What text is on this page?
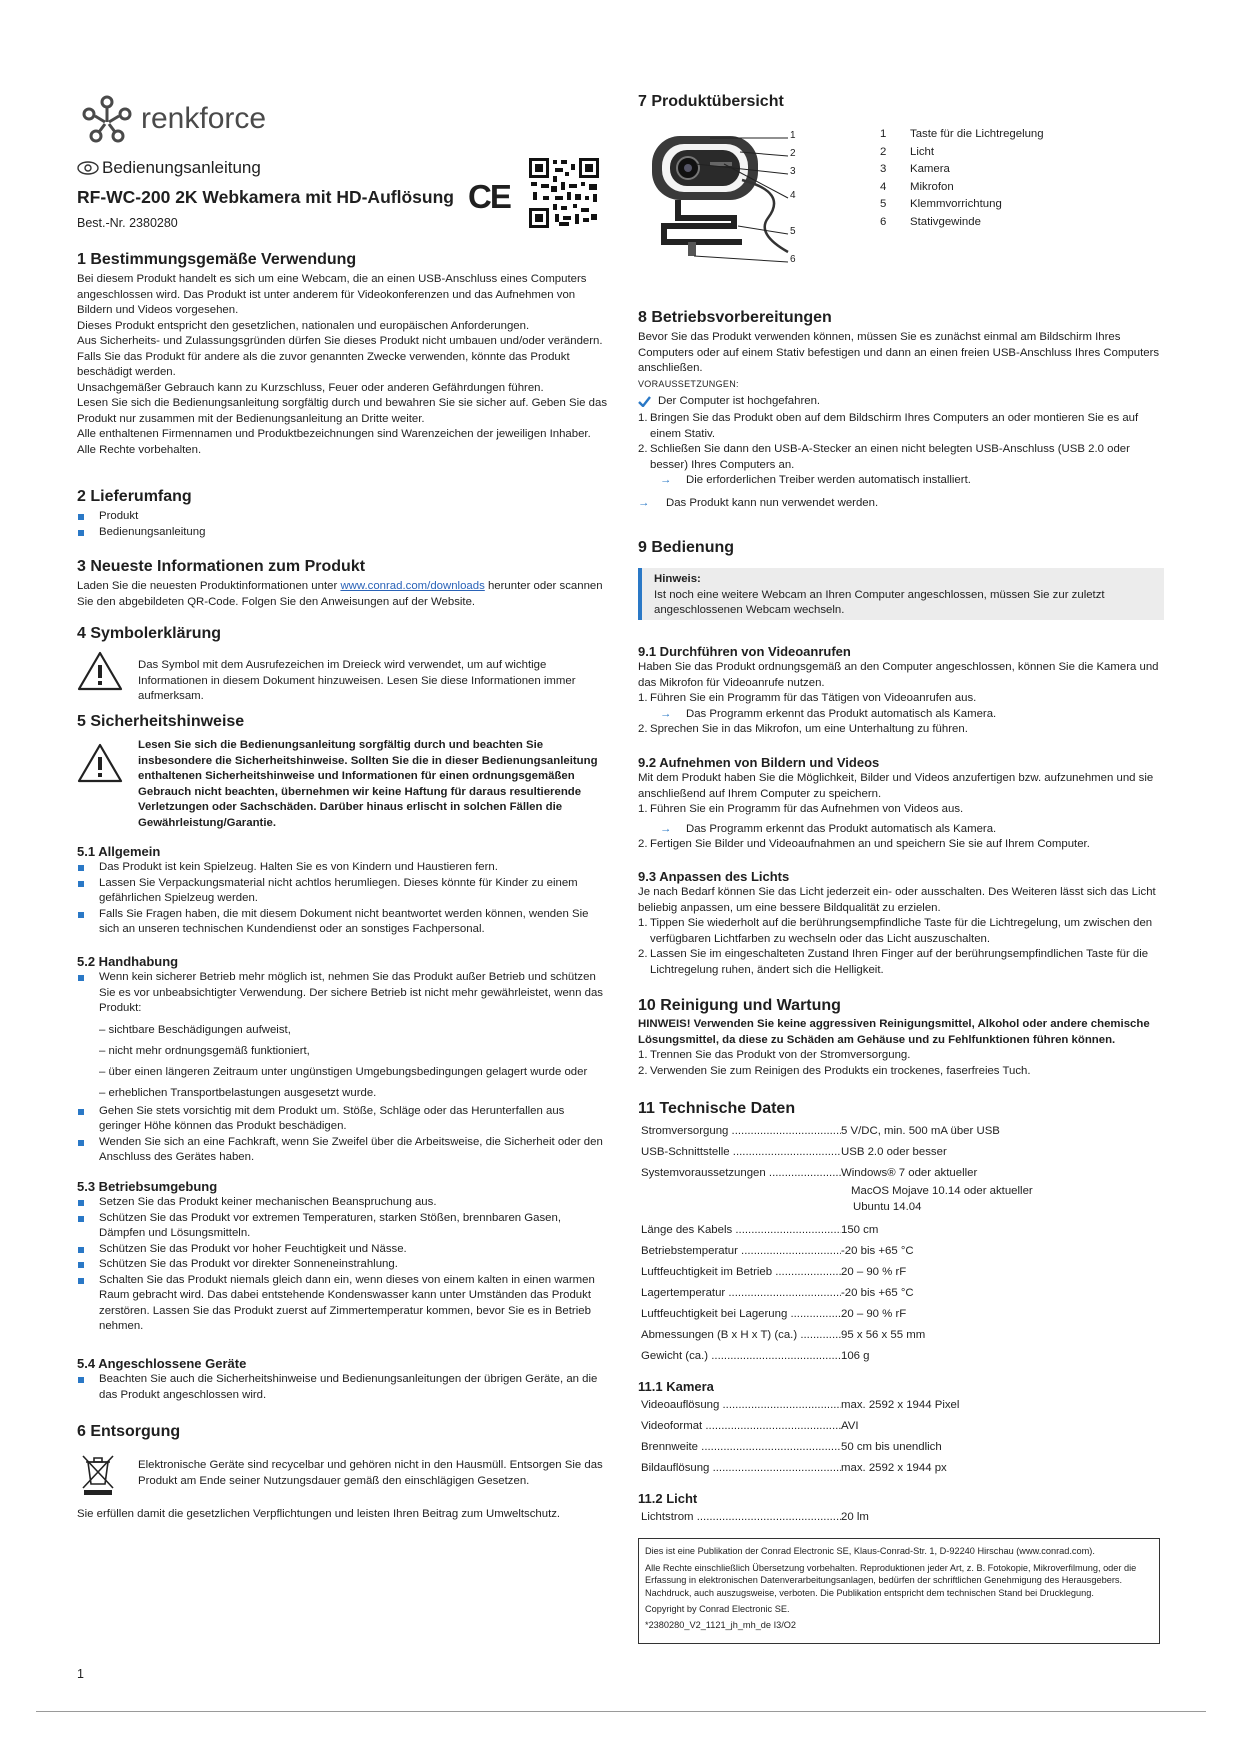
renkforce
Bedienungsanleitung
RF-WC-200 2K Webkamera mit HD-Auflösung
Best.-Nr. 2380280
CE
1 Bestimmungsgemäße Verwendung

Bei diesem Produkt handelt es sich um eine Webcam, die an einen USB-Anschluss eines Computers angeschlossen wird. Das Produkt ist unter anderem für Videokonferenzen und das Aufnehmen von Bildern und Videos vorgesehen.

Dieses Produkt entspricht den gesetzlichen, nationalen und europäischen Anforderungen.

Aus Sicherheits- und Zulassungsgründen dürfen Sie dieses Produkt nicht umbauen und/oder verändern. Falls Sie das Produkt für andere als die zuvor genannten Zwecke verwenden, könnte das Produkt beschädigt werden.

Unsachgemäßer Gebrauch kann zu Kurzschluss, Feuer oder anderen Gefährdungen führen.

Lesen Sie sich die Bedienungsanleitung sorgfältig durch und bewahren Sie sie sicher auf. Geben Sie das Produkt nur zusammen mit der Bedienungsanleitung an Dritte weiter.

Alle enthaltenen Firmennamen und Produktbezeichnungen sind Warenzeichen der jeweiligen Inhaber. Alle Rechte vorbehalten.

2 Lieferumfang
Produkt
Bedienungsanleitung
3 Neueste Informationen zum Produkt

Laden Sie die neuesten Produktinformationen unter www.conrad.com/downloads herunter oder scannen Sie den abgebildeten QR-Code. Folgen Sie den Anweisungen auf der Website.

4 Symbolerklärung

Das Symbol mit dem Ausrufezeichen im Dreieck wird verwendet, um auf wichtige Informationen in diesem Dokument hinzuweisen. Lesen Sie diese Informationen immer aufmerksam.

5 Sicherheitshinweise

Lesen Sie sich die Bedienungsanleitung sorgfältig durch und beachten Sie insbesondere die Sicherheitshinweise. Sollten Sie die in dieser Bedienungsanleitung enthaltenen Sicherheitshinweise und Informationen für einen ordnungsgemäßen Gebrauch nicht beachten, übernehmen wir keine Haftung für daraus resultierende Verletzungen oder Sachschäden. Darüber hinaus erlischt in solchen Fällen die Gewährleistung/Garantie.

5.1 Allgemein
Das Produkt ist kein Spielzeug. Halten Sie es von Kindern und Haustieren fern.
Lassen Sie Verpackungsmaterial nicht achtlos herumliegen. Dieses könnte für Kinder zu einem gefährlichen Spielzeug werden.
Falls Sie Fragen haben, die mit diesem Dokument nicht beantwortet werden können, wenden Sie sich an unseren technischen Kundendienst oder an sonstiges Fachpersonal.
5.2 Handhabung
Wenn kein sicherer Betrieb mehr möglich ist, nehmen Sie das Produkt außer Betrieb und schützen Sie es vor unbeabsichtigter Verwendung. Der sichere Betrieb ist nicht mehr gewährleistet, wenn das Produkt:
– sichtbare Beschädigungen aufweist,
– nicht mehr ordnungsgemäß funktioniert,
– über einen längeren Zeitraum unter ungünstigen Umgebungsbedingungen gelagert wurde oder
– erheblichen Transportbelastungen ausgesetzt wurde.
Gehen Sie stets vorsichtig mit dem Produkt um. Stöße, Schläge oder das Herunterfallen aus geringer Höhe können das Produkt beschädigen.
Wenden Sie sich an eine Fachkraft, wenn Sie Zweifel über die Arbeitsweise, die Sicherheit oder den Anschluss des Gerätes haben.
5.3 Betriebsumgebung
Setzen Sie das Produkt keiner mechanischen Beanspruchung aus.
Schützen Sie das Produkt vor extremen Temperaturen, starken Stößen, brennbaren Gasen, Dämpfen und Lösungsmitteln.
Schützen Sie das Produkt vor hoher Feuchtigkeit und Nässe.
Schützen Sie das Produkt vor direkter Sonneneinstrahlung.
Schalten Sie das Produkt niemals gleich dann ein, wenn dieses von einem kalten in einen warmen Raum gebracht wird. Das dabei entstehende Kondenswasser kann unter Umständen das Produkt zerstören. Lassen Sie das Produkt zuerst auf Zimmertemperatur kommen, bevor Sie es in Betrieb nehmen.
5.4 Angeschlossene Geräte
Beachten Sie auch die Sicherheitshinweise und Bedienungsanleitungen der übrigen Geräte, an die das Produkt angeschlossen wird.
6 Entsorgung

Elektronische Geräte sind recycelbar und gehören nicht in den Hausmüll. Entsorgen Sie das Produkt am Ende seiner Nutzungsdauer gemäß den einschlägigen Gesetzen.

Sie erfüllen damit die gesetzlichen Verpflichtungen und leisten Ihren Beitrag zum Umweltschutz.

1
7 Produktübersicht
1
2
3
4
5
6
1	Taste für die Lichtregelung
2	Licht
3	Kamera
4	Mikrofon
5	Klemmvorrichtung
6	Stativgewinde
8 Betriebsvorbereitungen

Bevor Sie das Produkt verwenden können, müssen Sie es zunächst einmal am Bildschirm Ihres Computers oder auf einem Stativ befestigen und dann an einen freien USB-Anschluss Ihres Computers anschließen.

VORAUSSETZUNGEN:

Der Computer ist hochgefahren.
1. Bringen Sie das Produkt oben auf dem Bildschirm Ihres Computers an oder montieren Sie es auf einem Stativ.
2. Schließen Sie dann den USB-A-Stecker an einen nicht belegten USB-Anschluss (USB 2.0 oder besser) Ihres Computers an.
→ Die erforderlichen Treiber werden automatisch installiert.
→ Das Produkt kann nun verwendet werden.
9 Bedienung
Hinweis:
Ist noch eine weitere Webcam an Ihren Computer angeschlossen, müssen Sie zur zuletzt angeschlossenen Webcam wechseln.
9.1 Durchführen von Videoanrufen

Haben Sie das Produkt ordnungsgemäß an den Computer angeschlossen, können Sie die Kamera und das Mikrofon für Videoanrufe nutzen.

1. Führen Sie ein Programm für das Tätigen von Videoanrufen aus.
→ Das Programm erkennt das Produkt automatisch als Kamera.
2. Sprechen Sie in das Mikrofon, um eine Unterhaltung zu führen.
9.2 Aufnehmen von Bildern und Videos

Mit dem Produkt haben Sie die Möglichkeit, Bilder und Videos anzufertigen bzw. aufzunehmen und sie anschließend auf Ihrem Computer zu speichern.

1. Führen Sie ein Programm für das Aufnehmen von Videos aus.
→ Das Programm erkennt das Produkt automatisch als Kamera.
2. Fertigen Sie Bilder und Videoaufnahmen an und speichern Sie sie auf Ihrem Computer.
9.3 Anpassen des Lichts

Je nach Bedarf können Sie das Licht jederzeit ein- oder ausschalten. Des Weiteren lässt sich das Licht beliebig anpassen, um eine bessere Bildqualität zu erzielen.

1. Tippen Sie wiederholt auf die berührungsempfindliche Taste für die Lichtregelung, um zwischen den verfügbaren Lichtfarben zu wechseln oder das Licht auszuschalten.
2. Lassen Sie im eingeschalteten Zustand Ihren Finger auf der berührungsempfindlichen Taste für die Lichtregelung ruhen, ändert sich die Helligkeit.
10 Reinigung und Wartung

HINWEIS! Verwenden Sie keine aggressiven Reinigungsmittel, Alkohol oder andere chemische Lösungsmittel, da diese zu Schäden am Gehäuse und zu Fehlfunktionen führen können.

1. Trennen Sie das Produkt von der Stromversorgung.
2. Verwenden Sie zum Reinigen des Produkts ein trockenes, faserfreies Tuch.
11 Technische Daten
Stromversorgung .....	5 V/DC, min. 500 mA über USB
USB-Schnittstelle .....	USB 2.0 oder besser
Systemvoraussetzungen .....	Windows® 7 oder aktueller
MacOS Mojave 10.14 oder aktueller
Ubuntu 14.04
Länge des Kabels .....	150 cm
Betriebstemperatur .....	-20 bis +65 °C
Luftfeuchtigkeit im Betrieb .....	20 – 90 % rF
Lagertemperatur .....	-20 bis +65 °C
Luftfeuchtigkeit bei Lagerung .....	20 – 90 % rF
Abmessungen (B x H x T) (ca.) .....	95 x 56 x 55 mm
Gewicht (ca.) .....	106 g
11.1 Kamera
Videoauflösung .....	max. 2592 x 1944 Pixel
Videoformat .....	AVI
Brennweite .....	50 cm bis unendlich
Bildauflösung .....	max. 2592 x 1944 px
11.2 Licht
Lichtstrom .....	20 lm
Dies ist eine Publikation der Conrad Electronic SE, Klaus-Conrad-Str. 1, D-92240 Hirschau (www.conrad.com).
Alle Rechte einschließlich Übersetzung vorbehalten. Reproduktionen jeder Art, z. B. Fotokopie, Mikroverfilmung, oder die Erfassung in elektronischen Datenverarbeitungsanlagen, bedürfen der schriftlichen Genehmigung des Herausgebers. Nachdruck, auch auszugsweise, verboten. Die Publikation entspricht dem technischen Stand bei Drucklegung.
Copyright by Conrad Electronic SE.
*2380280_V2_1121_jh_mh_de I3/O2
